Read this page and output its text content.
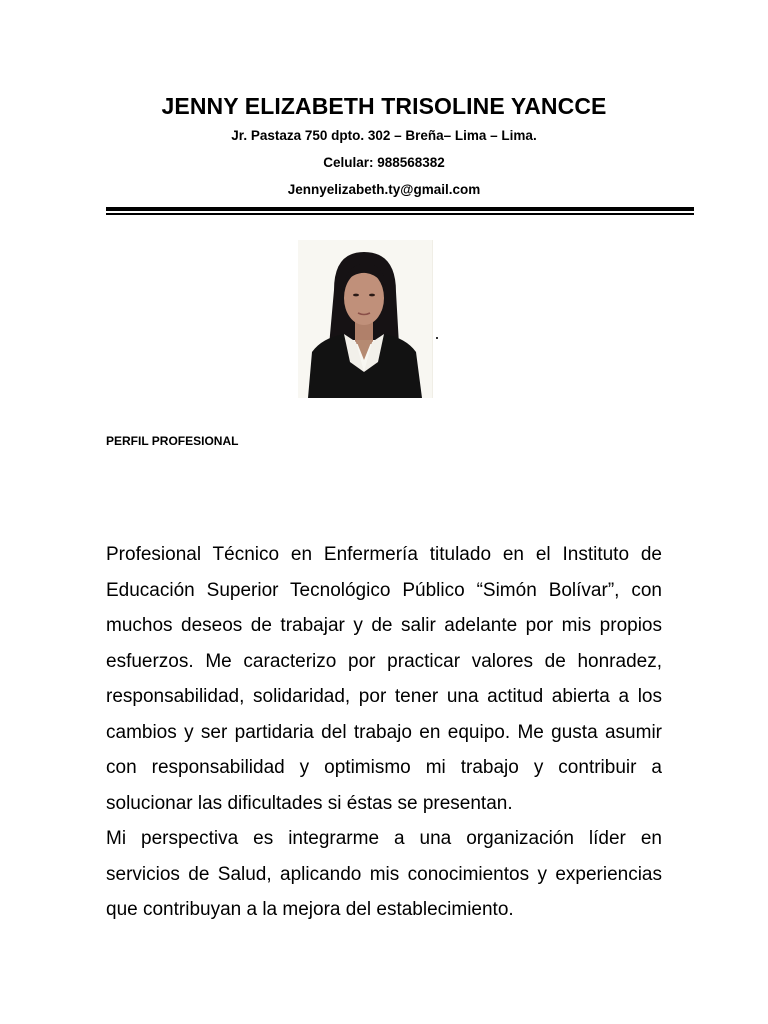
JENNY ELIZABETH TRISOLINE YANCCE
Jr. Pastaza 750 dpto. 302 – Breña– Lima – Lima.
Celular: 988568382
Jennyelizabeth.ty@gmail.com
PERFIL PROFESIONAL

Profesional Técnico en Enfermería titulado en el Instituto de Educación Superior Tecnológico Público “Simón Bolívar”, con muchos deseos de trabajar y de salir adelante por mis propios esfuerzos. Me caracterizo por practicar valores de honradez, responsabilidad, solidaridad, por tener una actitud abierta a los cambios y ser partidaria del trabajo en equipo. Me gusta asumir con responsabilidad y optimismo mi trabajo y contribuir a solucionar las dificultades si éstas se presentan.

Mi perspectiva es integrarme a una organización líder en servicios de Salud, aplicando mis conocimientos y experiencias que contribuyan a la mejora del establecimiento.
